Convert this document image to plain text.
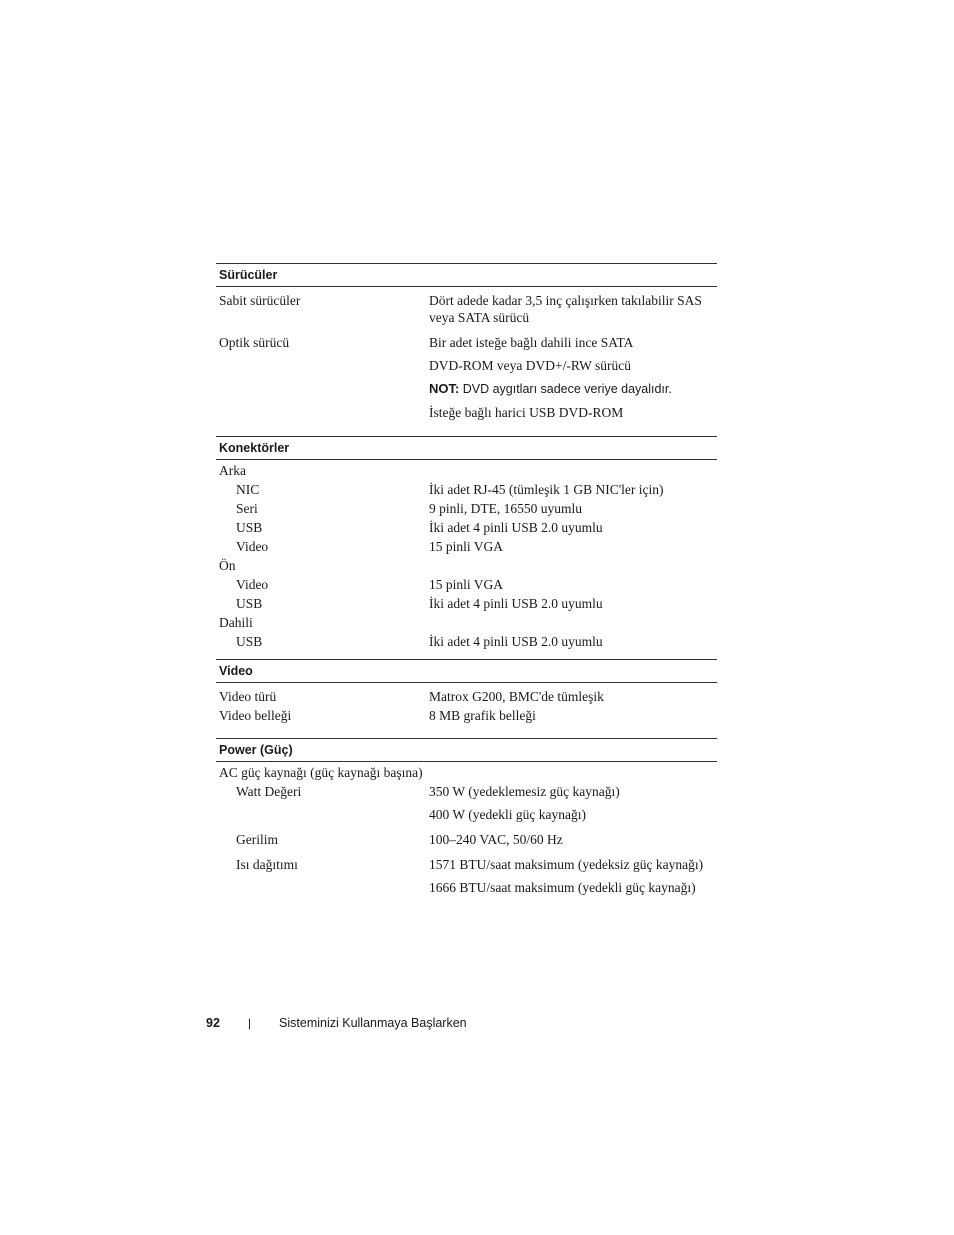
Sürücüler
Sabit sürücüler	Dört adede kadar 3,5 inç çalışırken takılabilir SAS veya SATA sürücü
Optik sürücü	Bir adet isteğe bağlı dahili ince SATA
DVD-ROM veya DVD+/-RW sürücü
NOT: DVD aygıtları sadece veriye dayalıdır.
İsteğe bağlı harici USB DVD-ROM
Konektörler
Arka
NIC	İki adet RJ-45 (tümleşik 1 GB NIC'ler için)
Seri	9 pinli, DTE, 16550 uyumlu
USB	İki adet 4 pinli USB 2.0 uyumlu
Video	15 pinli VGA
Ön
Video	15 pinli VGA
USB	İki adet 4 pinli USB 2.0 uyumlu
Dahili
USB	İki adet 4 pinli USB 2.0 uyumlu
Video
Video türü	Matrox G200, BMC'de tümleşik
Video belleği	8 MB grafik belleği
Power (Güç)
AC güç kaynağı (güç kaynağı başına)
Watt Değeri	350 W (yedeklemesiz güç kaynağı)
400 W (yedekli güç kaynağı)
Gerilim	100–240 VAC, 50/60 Hz
Isı dağıtımı	1571 BTU/saat maksimum (yedeksiz güç kaynağı)
1666 BTU/saat maksimum (yedekli güç kaynağı)
92 | Sisteminizi Kullanmaya Başlarken
